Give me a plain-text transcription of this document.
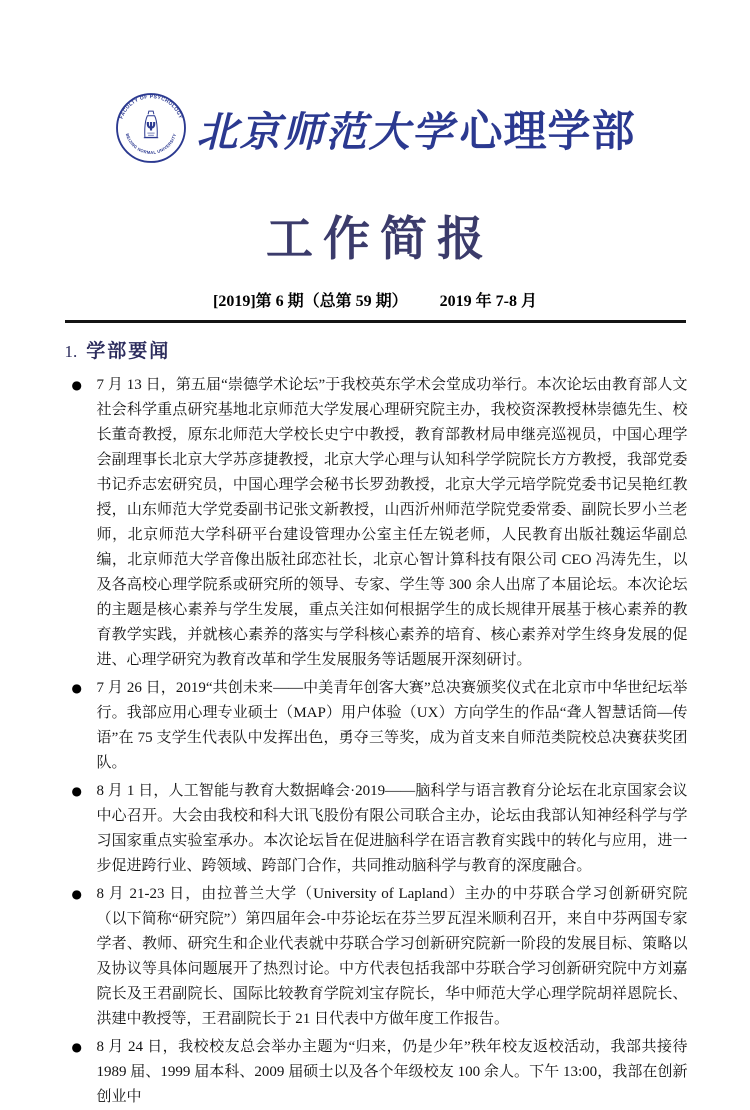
FACULTY OF PSYCHOLOGY
BEIJING NORMAL UNIVERSITY
Ψ 北京师范大学 心理学部
工作简报
[2019]第 6 期（总第 59 期） 2019 年 7-8 月
1. 学部要闻
● 7 月 13 日，第五届“崇德学术论坛”于我校英东学术会堂成功举行。本次论坛由教育部人文社会科学重点研究基地北京师范大学发展心理研究院主办，我校资深教授林崇德先生、校长董奇教授，原东北师范大学校长史宁中教授，教育部教材局申继亮巡视员，中国心理学会副理事长北京大学苏彦捷教授，北京大学心理与认知科学学院院长方方教授，我部党委书记乔志宏研究员，中国心理学会秘书长罗劲教授，北京大学元培学院党委书记吴艳红教授，山东师范大学党委副书记张文新教授，山西沂州师范学院党委常委、副院长罗小兰老师，北京师范大学科研平台建设管理办公室主任左锐老师，人民教育出版社魏运华副总编，北京师范大学音像出版社邱恋社长，北京心智计算科技有限公司 CEO 冯涛先生，以及各高校心理学院系或研究所的领导、专家、学生等 300 余人出席了本届论坛。本次论坛的主题是核心素养与学生发展，重点关注如何根据学生的成长规律开展基于核心素养的教育教学实践，并就核心素养的落实与学科核心素养的培育、核心素养对学生终身发展的促进、心理学研究为教育改革和学生发展服务等话题展开深刻研讨。
● 7 月 26 日，2019“共创未来——中美青年创客大赛”总决赛颁奖仪式在北京市中华世纪坛举行。我部应用心理专业硕士（MAP）用户体验（UX）方向学生的作品“聋人智慧话筒—传语”在 75 支学生代表队中发挥出色，勇夺三等奖，成为首支来自师范类院校总决赛获奖团队。
● 8 月 1 日，人工智能与教育大数据峰会·2019——脑科学与语言教育分论坛在北京国家会议中心召开。大会由我校和科大讯飞股份有限公司联合主办，论坛由我部认知神经科学与学习国家重点实验室承办。本次论坛旨在促进脑科学在语言教育实践中的转化与应用，进一步促进跨行业、跨领域、跨部门合作，共同推动脑科学与教育的深度融合。
● 8 月 21-23 日，由拉普兰大学（University of Lapland）主办的中芬联合学习创新研究院（以下简称“研究院”）第四届年会-中芬论坛在芬兰罗瓦涅米顺利召开，来自中芬两国专家学者、教师、研究生和企业代表就中芬联合学习创新研究院新一阶段的发展目标、策略以及协议等具体问题展开了热烈讨论。中方代表包括我部中芬联合学习创新研究院中方刘嘉院长及王君副院长、国际比较教育学院刘宝存院长，华中师范大学心理学院胡祥恩院长、洪建中教授等，王君副院长于 21 日代表中方做年度工作报告。
● 8 月 24 日，我校校友总会举办主题为“归来，仍是少年”秩年校友返校活动，我部共接待 1989 届、1999 届本科、2009 届硕士以及各个年级校友 100 余人。下午 13:00，我部在创新创业中
